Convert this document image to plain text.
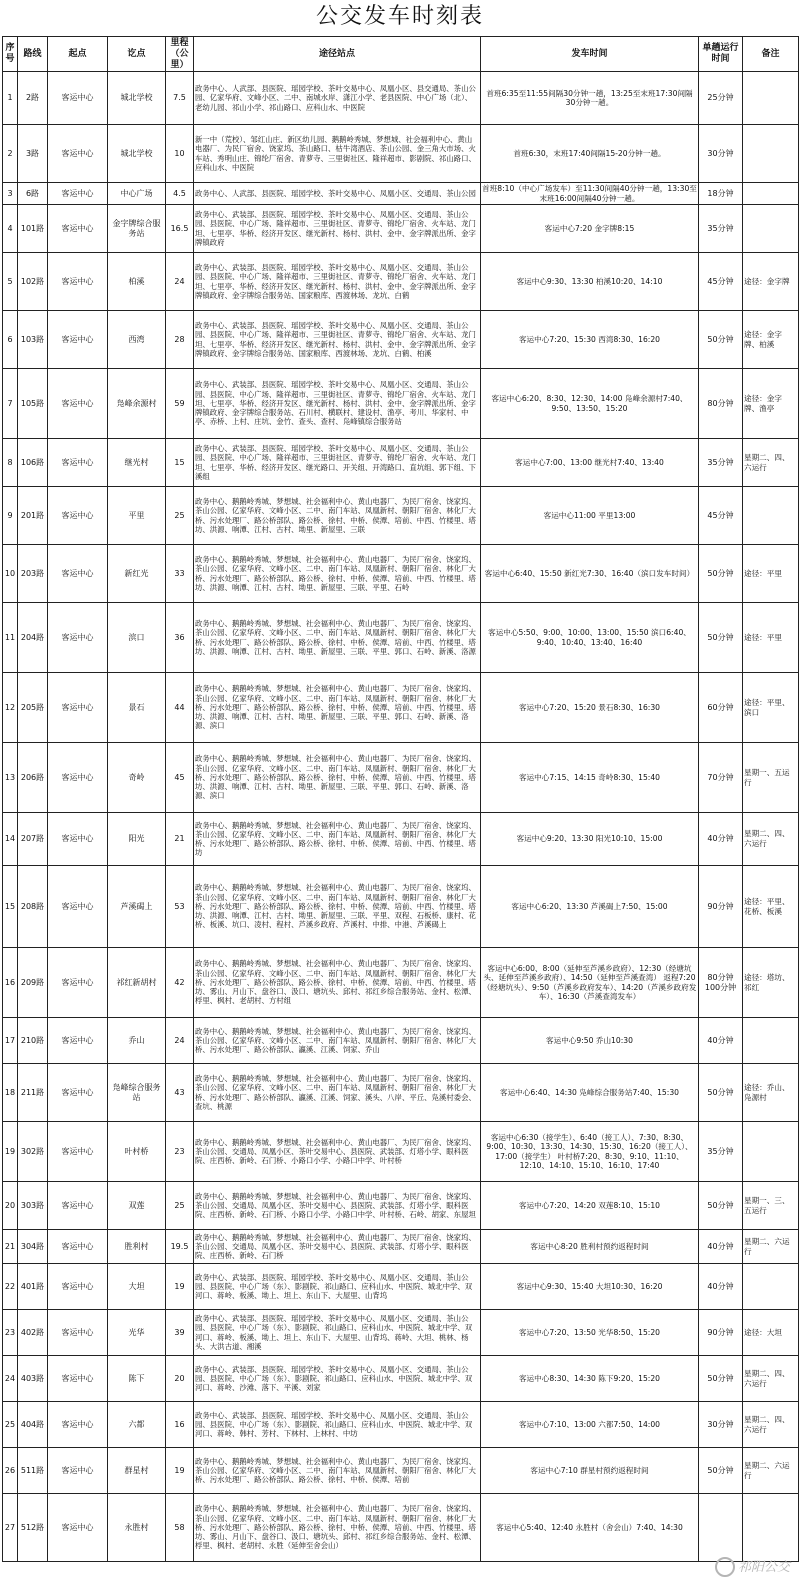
公交发车时刻表
序号	路线	起点	讫点	里程（公里）	途径站点	发车时间	单趟运行时间	备注
1	2路	客运中心	城北学校	7.5	政务中心、人武部、县医院、瑶园学校、茶叶交易中心、凤凰小区、县交通局、茶山公园、亿家华府、文峰小区、二中、南城水岸、潇江小学、老县医院、中心广场（北）、老幼儿园、祁山小学、祁山路口、应科山水、中医院	首班6:35至11:55间隔30分钟一趟，13:25至末班17:30间隔30分钟一趟。	25分钟	
2	3路	客运中心	城北学校	10	新一中（荒校）、邹红山庄、新区幼儿园、鹅鹅岭秀城、梦想城、社会福利中心、黄山电器厂、为民厂宿舍、饶家坞、茶山路口、枯牛湾酒店、茶山公园、金三角大市场、火车站、秀明山庄、锦纶厂宿舍、青萝寺、三里街社区、隆祥超市、影剧院、祁山路口、应科山水、中医院	首班6:30，末班17:40间隔15-20分钟一趟。	30分钟	
3	6路	客运中心	中心广场	4.5	政务中心、人武部、县医院、瑶园学校、茶叶交易中心、凤凰小区、交通局、茶山公园	首班8:10（中心广场发车）至11:30间隔40分钟一趟，13:30至末班16:00间隔40分钟一趟。	18分钟	
4	101路	客运中心	金字牌综合服务站	16.5	政务中心、武装部、县医院、瑶园学校、茶叶交易中心、凤凰小区、交通局、茶山公园、县医院、中心广场、隆祥超市、三里街社区、青萝寺、锦纶厂宿舍、火车站、龙门坦、七里亭、华桥、经济开发区、继光新村、杨村、洪村、金中、金字牌派出所、金字牌镇政府	客运中心7:20 金字牌8:15	35分钟	
5	102路	客运中心	柏溪	24	政务中心、武装部、县医院、瑶园学校、茶叶交易中心、凤凰小区、交通局、茶山公园、县医院、中心广场、隆祥超市、三里街社区、青萝寺、锦纶厂宿舍、火车站、龙门坦、七里亭、华桥、经济开发区、继光新村、杨村、洪村、金中、金字牌派出所、金字牌镇政府、金字牌综合服务站、国家粮库、西渡林场、龙坑、白鹤	客运中心9:30、13:30 柏溪10:20、14:10	45分钟	途径：金字牌
6	103路	客运中心	西湾	28	政务中心、武装部、县医院、瑶园学校、茶叶交易中心、凤凰小区、交通局、茶山公园、县医院、中心广场、隆祥超市、三里街社区、青萝寺、锦纶厂宿舍、火车站、龙门坦、七里亭、华桥、经济开发区、继光新村、杨村、洪村、金中、金字牌派出所、金字牌镇政府、金字牌综合服务站、国家粮库、西渡林场、龙坑、白鹤、柏溪	客运中心7:20、15:30 西湾8:30、16:20	50分钟	途径：金字牌、柏溪
7	105路	客运中心	凫峰余源村	59	政务中心、武装部、县医院、瑶园学校、茶叶交易中心、凤凰小区、交通局、茶山公园、县医院、中心广场、隆祥超市、三里街社区、青萝寺、锦纶厂宿舍、火车站、龙门坦、七里亭、华桥、经济开发区、继光新村、杨村、洪村、金中、金字牌派出所、金字牌镇政府、金字牌综合服务站、石川村、横联村、建设村、渔亭、考川、华家村、中亭、赤桥、上村、庄坑、金竹、查头、查村、凫峰镇综合服务站	客运中心6:20、8:30、12:30、14:00 凫峰余源村7:40、9:50、13:50、15:20	80分钟	途径：金字牌、渔亭
8	106路	客运中心	继光村	15	政务中心、武装部、县医院、瑶园学校、茶叶交易中心、凤凰小区、交通局、茶山公园、县医院、中心广场、隆祥超市、三里街社区、青萝寺、锦纶厂宿舍、火车站、龙门坦、七里亭、华桥、经济开发区、继光路口、开关组、开湾路口、直坑组、郭下组、下溪组	客运中心7:00、13:00 继光村7:40、13:40	35分钟	星期二、四、六运行
9	201路	客运中心	平里	25	政务中心、鹅鹅岭秀城、梦想城、社会福利中心、黄山电器厂、为民厂宿舍、饶家坞、茶山公园、亿家华府、文峰小区、二中、南门车站、凤凰新村、朝阳厂宿舍、林化厂大桥、污水处理厂、路公桥部队、路公桥、徐村、中桥、侯潭、培前、中西、竹楼里、塔坊、洪源、响潭、江村、古村、坳里、新屋里、三联	客运中心11:00 平里13:00	45分钟	
10	203路	客运中心	新红光	33	政务中心、鹅鹅岭秀城、梦想城、社会福利中心、黄山电器厂、为民厂宿舍、饶家坞、茶山公园、亿家华府、文峰小区、二中、南门车站、凤凰新村、朝阳厂宿舍、林化厂大桥、污水处理厂、路公桥部队、路公桥、徐村、中桥、侯潭、培前、中西、竹楼里、塔坊、洪源、响潭、江村、古村、坳里、新屋里、三联、平里、石岭	客运中心6:40、15:50 新红光7:30、16:40（滨口发车时间）	50分钟	途径：平里
11	204路	客运中心	滨口	36	政务中心、鹅鹅岭秀城、梦想城、社会福利中心、黄山电器厂、为民厂宿舍、饶家坞、茶山公园、亿家华府、文峰小区、二中、南门车站、凤凰新村、朝阳厂宿舍、林化厂大桥、污水处理厂、路公桥部队、路公桥、徐村、中桥、侯潭、培前、中西、竹楼里、塔坊、洪源、响潭、江村、古村、坳里、新屋里、三联、平里、郭口、石岭、新溪、洛源	客运中心5:50、9:00、10:00、13:00、15:50 滨口6:40、9:40、10:40、13:40、16:40	50分钟	途径：平里
12	205路	客运中心	景石	44	政务中心、鹅鹅岭秀城、梦想城、社会福利中心、黄山电器厂、为民厂宿舍、饶家坞、茶山公园、亿家华府、文峰小区、二中、南门车站、凤凰新村、朝阳厂宿舍、林化厂大桥、污水处理厂、路公桥部队、路公桥、徐村、中桥、侯潭、培前、中西、竹楼里、塔坊、洪源、响潭、江村、古村、坳里、新屋里、三联、平里、郭口、石岭、新溪、洛源、滨口	客运中心7:20、15:20 景石8:30、16:30	60分钟	途径：平里、滨口
13	206路	客运中心	奇岭	45	政务中心、鹅鹅岭秀城、梦想城、社会福利中心、黄山电器厂、为民厂宿舍、饶家坞、茶山公园、亿家华府、文峰小区、二中、南门车站、凤凰新村、朝阳厂宿舍、林化厂大桥、污水处理厂、路公桥部队、路公桥、徐村、中桥、侯潭、培前、中西、竹楼里、塔坊、洪源、响潭、江村、古村、坳里、新屋里、三联、平里、郭口、石岭、新溪、洛源、滨口	客运中心7:15、14:15 奇岭8:30、15:40	70分钟	星期一、五运行
14	207路	客运中心	阳光	21	政务中心、鹅鹅岭秀城、梦想城、社会福利中心、黄山电器厂、为民厂宿舍、饶家坞、茶山公园、亿家华府、文峰小区、二中、南门车站、凤凰新村、朝阳厂宿舍、林化厂大桥、污水处理厂、路公桥部队、路公桥、徐村、中桥、侯潭、培前、中西、竹楼里、塔坊	客运中心9:20、13:30 阳光10:10、15:00	40分钟	星期二、四、六运行
15	208路	客运中心	芦溪碣上	53	政务中心、鹅鹅岭秀城、梦想城、社会福利中心、黄山电器厂、为民厂宿舍、饶家坞、茶山公园、亿家华府、文峰小区、二中、南门车站、凤凰新村、朝阳厂宿舍、林化厂大桥、污水处理厂、路公桥部队、路公桥、徐村、中桥、侯潭、培前、中西、竹楼里、塔坊、洪源、响潭、江村、古村、坳里、新屋里、三联、平里、双程、石板桥、康村、花桥、板溪、坑口、凌村、程村、芦溪乡政府、芦溪村、中排、中港、芦溪碣上	客运中心6:20、13:30 芦溪碣上7:50、15:00	90分钟	途径：平里、花桥、板溪
16	209路	客运中心	祁红新胡村	42	政务中心、鹅鹅岭秀城、梦想城、社会福利中心、黄山电器厂、为民厂宿舍、饶家坞、茶山公园、亿家华府、文峰小区、二中、南门车站、凤凰新村、朝阳厂宿舍、林化厂大桥、污水处理厂、路公桥部队、路公桥、徐村、中桥、侯潭、培前、中西、竹楼里、塔坊、雾山、月山下、盘谷口、汲口、塘坑头、邱村、祁红乡综合服务站、金村、松潭、桴里、枫村、老胡村、方村组	客运中心6:00、8:00（延伸至芦溪乡政府）、12:30（经塘坑头、延伸至芦溪乡政府）、14:50（延伸至芦溪查湾） 返程7:20（经塘坑头）、9:50（芦溪乡政府发车）、14:20（芦溪乡政府发车）、16:30（芦溪查湾发车）	80分钟 100分钟	途径：塔坊、祁红
17	210路	客运中心	乔山	24	政务中心、鹅鹅岭秀城、梦想城、社会福利中心、黄山电器厂、为民厂宿舍、饶家坞、茶山公园、亿家华府、文峰小区、二中、南门车站、凤凰新村、朝阳厂宿舍、林化厂大桥、污水处理厂、路公桥部队、瀛溪、江溪、饲家、乔山	客运中心9:50 乔山10:30	40分钟	
18	211路	客运中心	凫峰综合服务站	43	政务中心、鹅鹅岭秀城、梦想城、社会福利中心、黄山电器厂、为民厂宿舍、饶家坞、茶山公园、亿家华府、文峰小区、二中、南门车站、凤凰新村、朝阳厂宿舍、林化厂大桥、污水处理厂、路公桥部队、瀛溪、江溪、饲家、溪头、八岸、平丘、凫溪村委会、查坑、桃源	客运中心6:40、14:30 凫峰综合服务站7:40、15:30	50分钟	途径：乔山、凫源村
19	302路	客运中心	叶村桥	23	政务中心、鹅鹅岭秀城、梦想城、社会福利中心、黄山电器厂、为民厂宿舍、饶家坞、茶山公园、交通局、凤凰小区、茶叶交易中心、县医院、武装部、灯塔小学、眼科医院、庄西桥、新岭、石门桥、小路口小学、小路口中学、叶村桥	客运中心6:30（接学生）、6:40（接工人）、7:30、8:30、9:00、10:30、13:30、14:30、15:30、16:20（接工人）、17:00（接学生） 叶村桥7:20、8:30、9:10、11:10、12:10、14:10、15:10、16:10、17:40	35分钟	
20	303路	客运中心	双莲	25	政务中心、鹅鹅岭秀城、梦想城、社会福利中心、黄山电器厂、为民厂宿舍、饶家坞、茶山公园、交通局、凤凰小区、茶叶交易中心、县医院、武装部、灯塔小学、眼科医院、庄西桥、新岭、石门桥、小路口小学、小路口中学、叶村桥、石岭、胡家、东屋坦	客运中心7:20、14:20 双莲8:10、15:10	50分钟	星期一、三、五运行
21	304路	客运中心	胜利村	19.5	政务中心、鹅鹅岭秀城、梦想城、社会福利中心、黄山电器厂、为民厂宿舍、饶家坞、茶山公园、交通局、凤凰小区、茶叶交易中心、县医院、武装部、灯塔小学、眼科医院、庄西桥、新岭、石门桥	客运中心8:20 胜利村预约返程时间	40分钟	星期二、六运行
22	401路	客运中心	大坦	19	政务中心、武装部、县医院、瑶园学校、茶叶交易中心、凤凰小区、交通局、茶山公园、县医院、中心广场（东）、影剧院、祁山路口、应科山水、中医院、城北中学、双河口、蒋岭、板溪、坳上、坦上、东山下、大屋里、山背坞	客运中心9:30、15:40 大坦10:30、16:20	40分钟	
23	402路	客运中心	光华	39	政务中心、武装部、县医院、瑶园学校、茶叶交易中心、凤凰小区、交通局、茶山公园、县医院、中心广场（东）、影剧院、祁山路口、应科山水、中医院、城北中学、双河口、蒋岭、板溪、坳上、坦上、东山下、大屋里、山背坞、蒋岭、大坦、桃林、杨头、大洪古道、湘溪	客运中心7:20、13:50 光华8:50、15:20	90分钟	途径：大坦
24	403路	客运中心	陈下	20	政务中心、武装部、县医院、瑶园学校、茶叶交易中心、凤凰小区、交通局、茶山公园、县医院、中心广场（东）、影剧院、祁山路口、应科山水、中医院、城北中学、双河口、蒋岭、沙滩、落下、平溪、刘家	客运中心8:30、14:30 陈下9:20、15:20	50分钟	星期二、四、六运行
25	404路	客运中心	六都	16	政务中心、武装部、县医院、瑶园学校、茶叶交易中心、凤凰小区、交通局、茶山公园、县医院、中心广场（东）、影剧院、祁山路口、应科山水、中医院、城北中学、双河口、蒋岭、韩村、芳村、下林村、上林村、中坊	客运中心7:10、13:00 六都7:50、14:00	30分钟	星期二、四、六运行
26	511路	客运中心	群星村	19	政务中心、鹅鹅岭秀城、梦想城、社会福利中心、黄山电器厂、为民厂宿舍、饶家坞、茶山公园、亿家华府、文峰小区、二中、南门车站、凤凰新村、朝阳厂宿舍、林化厂大桥、污水处理厂、路公桥部队、路公桥、徐村、中桥、侯潭、培前	客运中心7:10 群星村预约返程时间	50分钟	星期二、六运行
27	512路	客运中心	永胜村	58	政务中心、鹅鹅岭秀城、梦想城、社会福利中心、黄山电器厂、为民厂宿舍、饶家坞、茶山公园、亿家华府、文峰小区、二中、南门车站、凤凰新村、朝阳厂宿舍、林化厂大桥、污水处理厂、路公桥部队、路公桥、徐村、中桥、侯潭、培前、中西、竹楼里、塔坊、雾山、月山下、盘谷口、汲口、塘坑头、邱村、祁红乡综合服务站、金村、松潭、桴里、枫村、老胡村、永胜（延伸至舍会山）	客运中心5:40、12:40 永胜村（舍会山）7:40、14:30		
祁阳公交
